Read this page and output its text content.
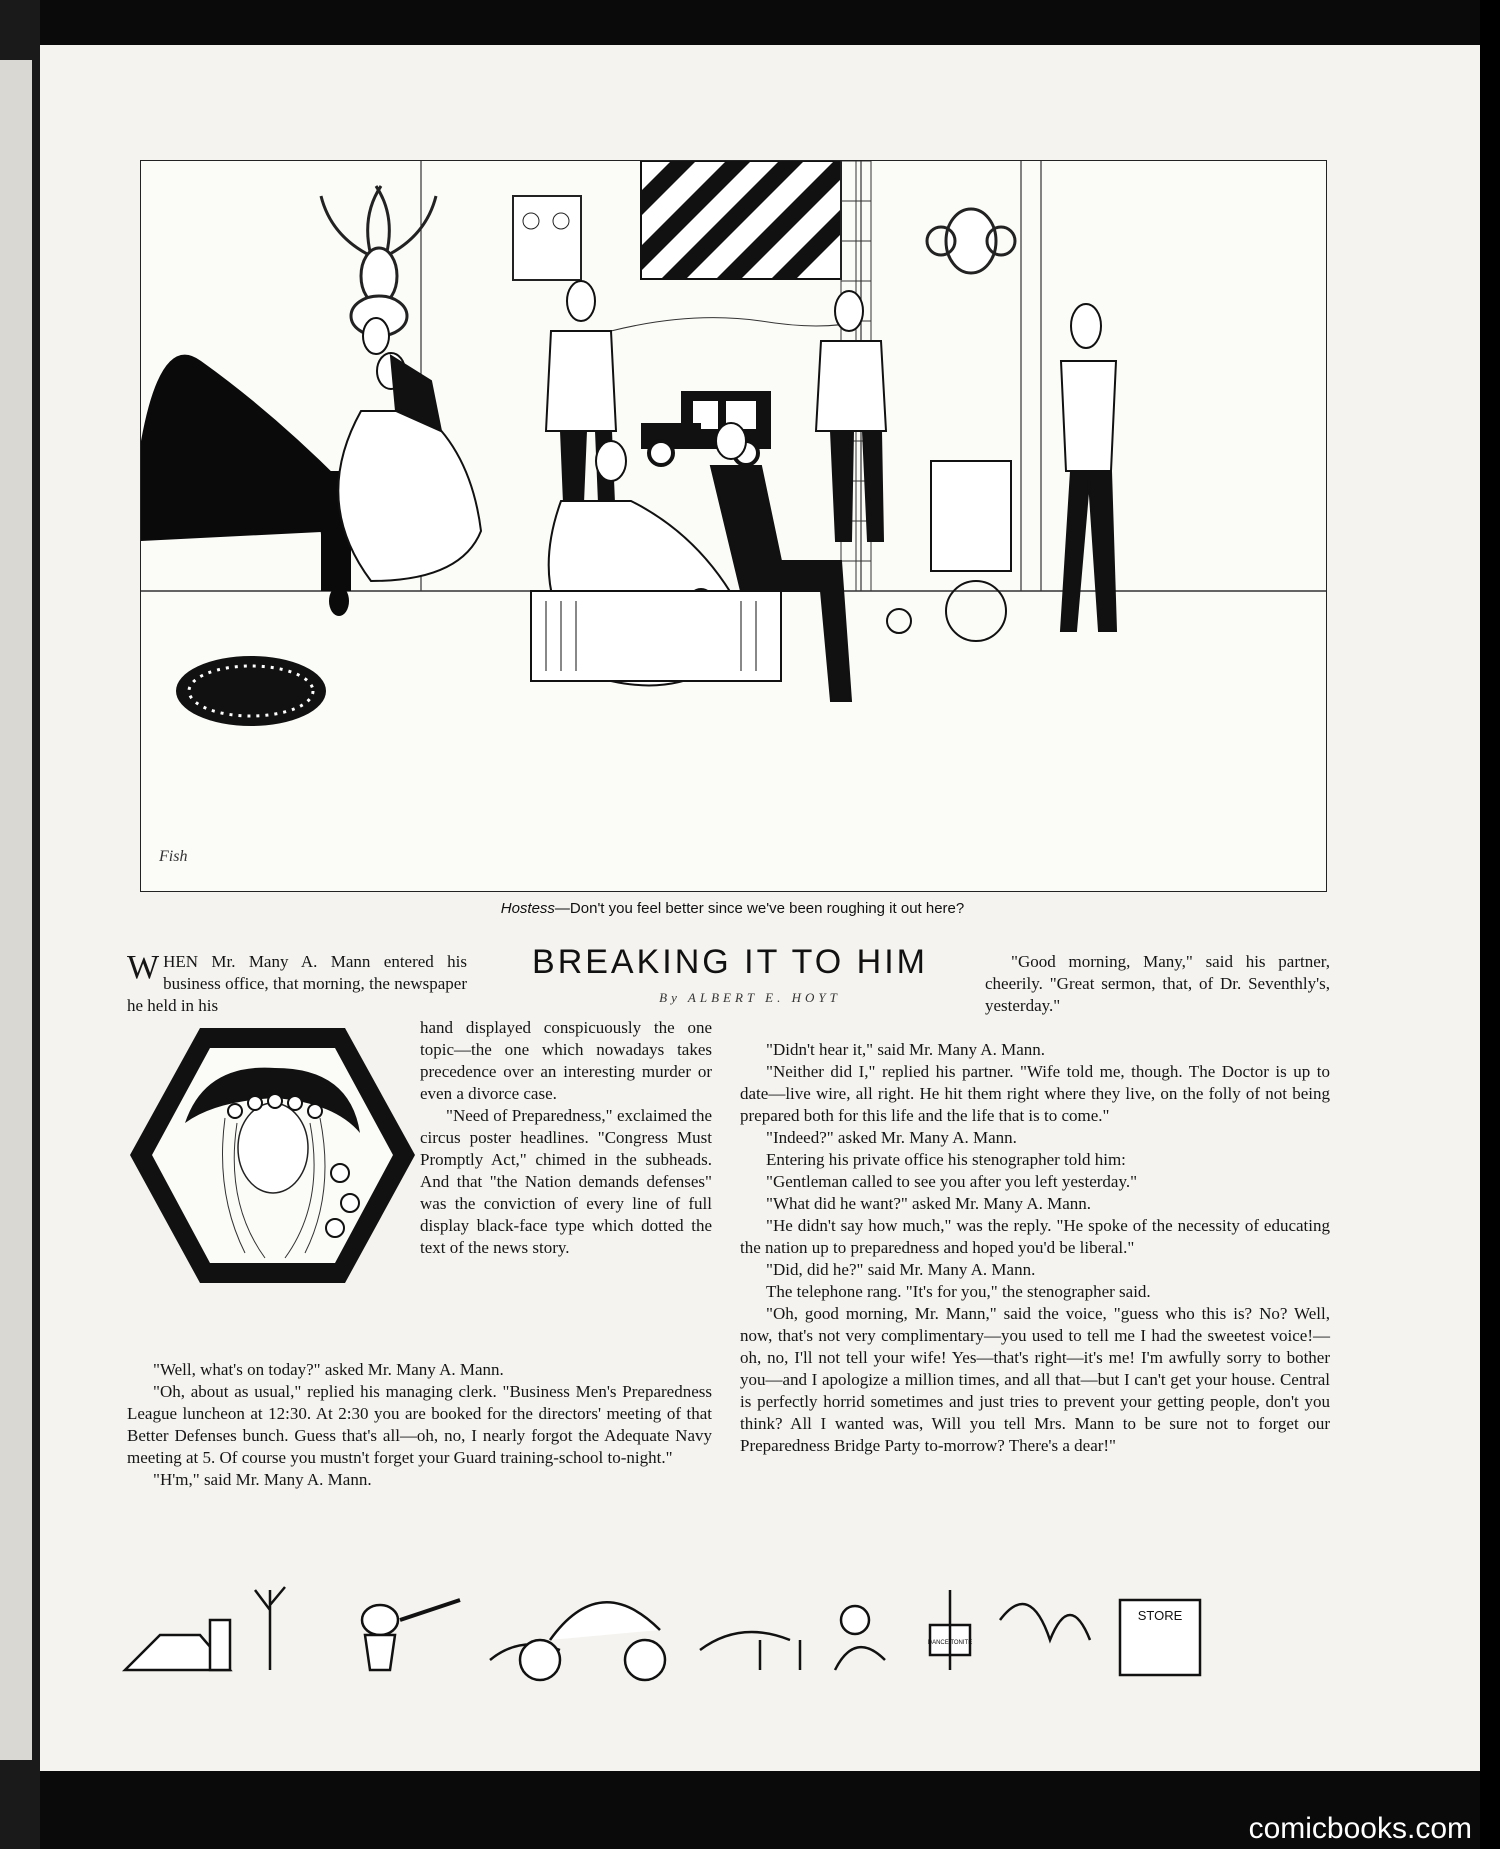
Fish
Hostess—Don't you feel better since we've been roughing it out here?
BREAKING IT TO HIM
By ALBERT E. HOYT

WHEN Mr. Many A. Mann entered his business office, that morning, the newspaper he held in his

hand displayed conspicuously the one topic—the one which nowadays takes precedence over an interesting murder or even a divorce case.

"Need of Preparedness," exclaimed the circus poster headlines. "Congress Must Promptly Act," chimed in the subheads. And that "the Nation demands defenses" was the conviction of every line of full display black-face type which dotted the text of the news story.

"Well, what's on today?" asked Mr. Many A. Mann.

"Oh, about as usual," replied his managing clerk. "Business Men's Preparedness League luncheon at 12:30. At 2:30 you are booked for the directors' meeting of that Better Defenses bunch. Guess that's all—oh, no, I nearly forgot the Adequate Navy meeting at 5. Of course you mustn't forget your Guard training-school to-night."

"H'm," said Mr. Many A. Mann.

"Good morning, Many," said his partner, cheerily. "Great sermon, that, of Dr. Seventhly's, yesterday."

"Didn't hear it," said Mr. Many A. Mann.

"Neither did I," replied his partner. "Wife told me, though. The Doctor is up to date—live wire, all right. He hit them right where they live, on the folly of not being prepared both for this life and the life that is to come."

"Indeed?" asked Mr. Many A. Mann.

Entering his private office his stenographer told him:

"Gentleman called to see you after you left yesterday."

"What did he want?" asked Mr. Many A. Mann.

"He didn't say how much," was the reply. "He spoke of the necessity of educating the nation up to preparedness and hoped you'd be liberal."

"Did, did he?" said Mr. Many A. Mann.

The telephone rang. "It's for you," the stenographer said.

"Oh, good morning, Mr. Mann," said the voice, "guess who this is? No? Well, now, that's not very complimentary—you used to tell me I had the sweetest voice!—oh, no, I'll not tell your wife! Yes—that's right—it's me! I'm awfully sorry to bother you—and I apologize a million times, and all that—but I can't get your house. Central is perfectly horrid sometimes and just tries to prevent your getting people, don't you think? All I wanted was, Will you tell Mrs. Mann to be sure not to forget our Preparedness Bridge Party to-morrow? There's a dear!"

STORE
DANCE TONITE
comicbooks.com
